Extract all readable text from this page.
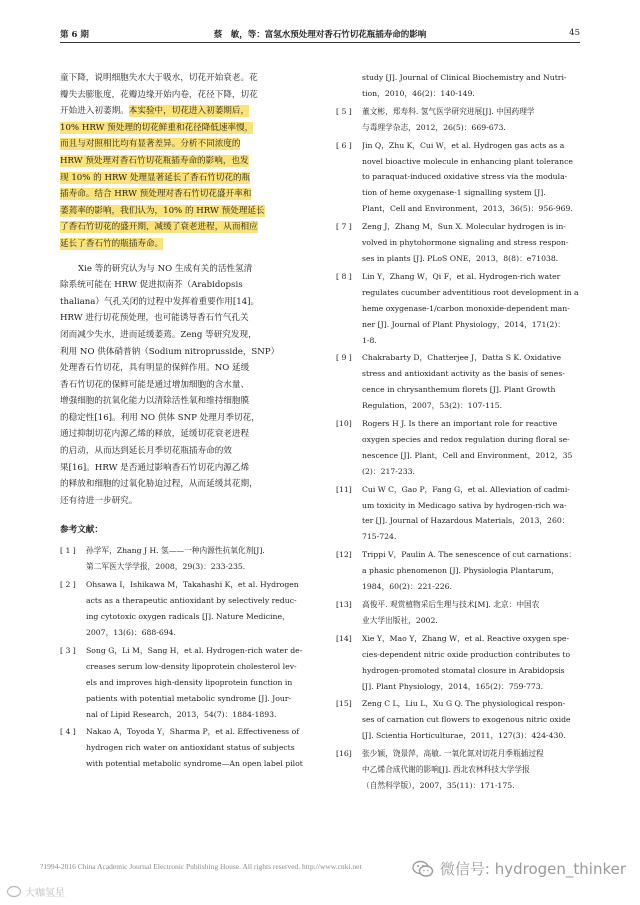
第 6 期	蔡　敏，等：富氢水预处理对香石竹切花瓶插寿命的影响	45
童下降，说明细胞失水大于吸水，切花开始衰老。花
瓣失去膨胀度，花瓣边缘开始内卷，花径下降，切花
开始进入初萎期。本实验中，切花进入初萎期后，
10% HRW 预处理的切花鲜重和花径降低速率慢，
而且与对照相比均有显著差异。分析不同浓度的
HRW 预处理对香石竹切花瓶插寿命的影响，也发
现 10% 的 HRW 处理显著延长了香石竹切花的瓶
插寿命。结合 HRW 预处理对香石竹切花盛开率和
萎蔫率的影响，我们认为，10% 的 HRW 预处理延长
了香石竹切花的盛开期，减缓了衰老进程，从而相应
延长了香石竹的瓶插寿命。
Xie 等的研究认为与 NO 生成有关的活性氢清
除系统可能在 HRW 促进拟南芥（Arabidopsis
thaliana）气孔关闭的过程中发挥着重要作用[14]。
HRW 进行切花预处理，也可能诱导香石竹气孔关
闭而减少失水，进而延缓萎蔫。Zeng 等研究发现，
利用 NO 供体硝普钠（Sodium nitroprusside，SNP）
处理香石竹切花，具有明显的保鲜作用。NO 延缓
香石竹切花的保鲜可能是通过增加细胞的含水量、
增强细胞的抗氧化能力以清除活性氧和维持细胞膜
的稳定性[16]。利用 NO 供体 SNP 处理月季切花，
通过抑制切花内源乙烯的释放，延缓切花衰老进程
的启动，从而达到延长月季切花瓶插寿命的效
果[16]。HRW 是否通过影响香石竹切花内源乙烯
的释放和细胞的过氧化胁迫过程，从而延缓其花期，
还有待进一步研究。
参考文献：
[ 1 ] 孙学军，Zhang J H. 氢——一种内源性抗氧化剂[J].
第二军医大学学报，2008，29(3)：233-235.
[ 2 ] Ohsawa I，Ishikawa M，Takahashi K，et al. Hydrogen
acts as a therapeutic antioxidant by selectively reduc-
ing cytotoxic oxygen radicals [J]. Nature Medicine，
2007，13(6)：688-694.
[ 3 ] Song G，Li M，Sang H，et al. Hydrogen-rich water de-
creases serum low-density lipoprotein cholesterol lev-
els and improves high-density lipoprotein function in
patients with potential metabolic syndrome [J]. Jour-
nal of Lipid Research，2013，54(7)：1884-1893.
[ 4 ] Nakao A，Toyoda Y，Sharma P，et al. Effectiveness of
hydrogen rich water on antioxidant status of subjects
with potential metabolic syndrome—An open label pilot
study [J]. Journal of Clinical Biochemistry and Nutri-
tion，2010，46(2)：140-149.
[ 5 ] 董文彬，郑寿科. 氢气医学研究进展[J]. 中国药理学
与毒理学杂志，2012，26(5)：669-673.
[ 6 ] Jin Q，Zhu K，Cui W，et al. Hydrogen gas acts as a
novel bioactive molecule in enhancing plant tolerance
to paraquat-induced oxidative stress via the modula-
tion of heme oxygenase-1 signalling system [J].
Plant，Cell and Environment，2013，36(5)：956-969.
[ 7 ] Zeng J，Zhang M，Sun X. Molecular hydrogen is in-
volved in phytohormone signaling and stress respon-
ses in plants [J]. PLoS ONE，2013，8(8)：e71038.
[ 8 ] Lin Y，Zhang W，Qi F，et al. Hydrogen-rich water
regulates cucumber adventitious root development in a
heme oxygenase-1/carbon monoxide-dependent man-
ner [J]. Journal of Plant Physiology，2014，171(2)：
1-8.
[ 9 ] Chakrabarty D，Chatterjee J，Datta S K. Oxidative
stress and antioxidant activity as the basis of senes-
cence in chrysanthemum florets [J]. Plant Growth
Regulation，2007，53(2)：107-115.
[10] Rogers H J. Is there an important role for reactive
oxygen species and redox regulation during floral se-
nescence [J]. Plant，Cell and Environment，2012，35
(2)：217-233.
[11] Cui W C，Gao P，Fang G，et al. Alleviation of cadmi-
um toxicity in Medicago sativa by hydrogen-rich wa-
ter [J]. Journal of Hazardous Materials，2013，260：
715-724.
[12] Trippi V，Paulin A. The senescence of cut carnations：
a phasic phenomenon [J]. Physiologia Plantarum，
1984，60(2)：221-226.
[13] 高俊平. 观赏植物采后生理与技术[M]. 北京：中国农
业大学出版社，2002.
[14] Xie Y，Mao Y，Zhang W，et al. Reactive oxygen spe-
cies-dependent nitric oxide production contributes to
hydrogen-promoted stomatal closure in Arabidopsis
[J]. Plant Physiology，2014，165(2)：759-773.
[15] Zeng C L，Liu L，Xu G Q. The physiological respon-
ses of carnation cut flowers to exogenous nitric oxide
[J]. Scientia Horticulturae，2011，127(3)：424-430.
[16] 张少颖，饶景萍，高敏. 一氧化氮对切花月季瓶插过程
中乙烯合成代谢的影响[J]. 西北农林科技大学学报
（自然科学版），2007，35(11)：171-175.
?1994-2016 China Academic Journal Electronic Publishing House. All rights reserved. http://www.cnki.net	微信号: hydrogen_thinker
大咖氢星
